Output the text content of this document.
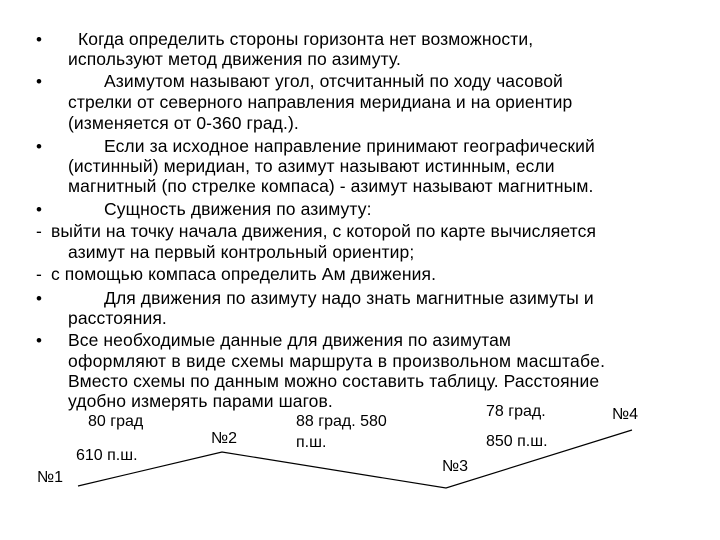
• Когда определить стороны горизонта нет возможности,
используют метод движения по азимуту.
•	Азимутом называют угол, отсчитанный по ходу часовой
стрелки от северного направления меридиана и на ориентир
(изменяется от 0-360 град.).
•	Если за исходное направление принимают географический
(истинный) меридиан, то азимут называют истинным, если
магнитный (по стрелке компаса) - азимут называют магнитным.
•	Сущность движения по азимуту:
- выйти на точку начала движения, с которой по карте вычисляется
азимут на первый контрольный ориентир;
- с помощью компаса определить Ам движения.
•	Для движения по азимуту надо знать магнитные азимуты и
расстояния.
• Все необходимые данные для движения по азимутам
оформляют в виде схемы маршрута в произвольном масштабе.
Вместо схемы по данным можно составить таблицу. Расстояние
удобно измерять парами шагов.
80 град
610 п.ш.
№1
№2
88 град. 580
п.ш.
№3
78 град.
850 п.ш.
№4
